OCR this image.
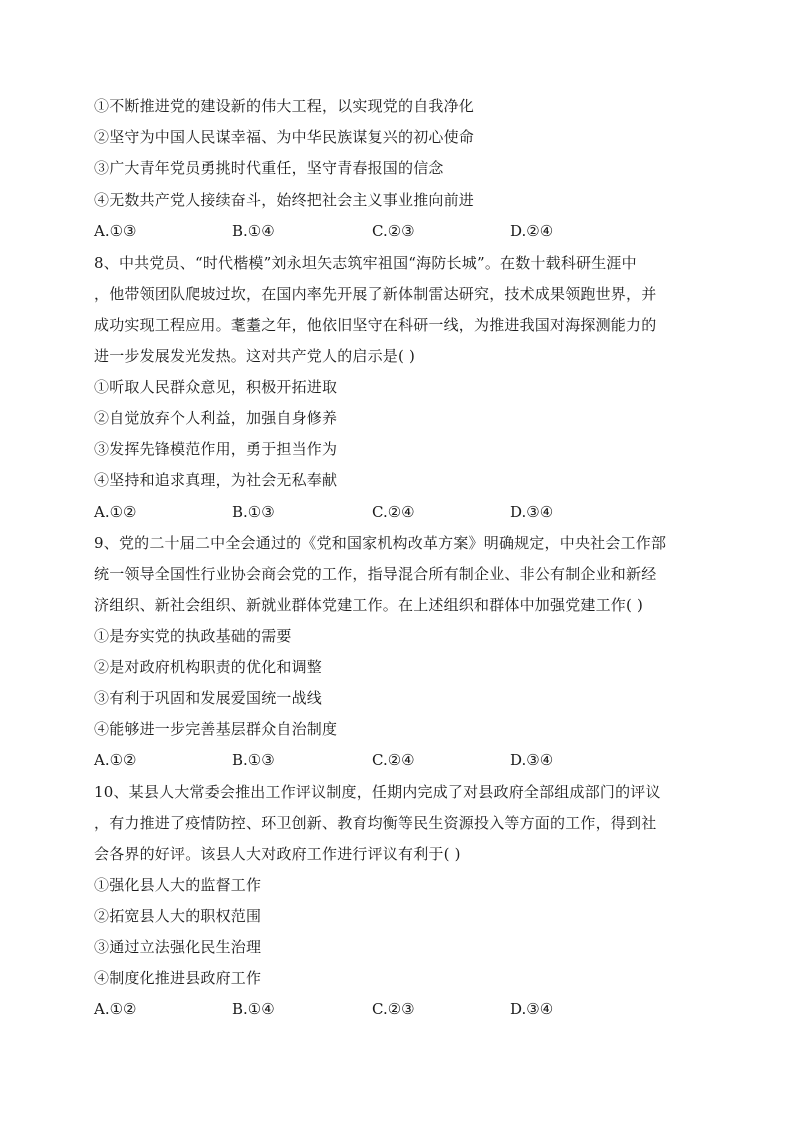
①不断推进党的建设新的伟大工程，以实现党的自我净化
②坚守为中国人民谋幸福、为中华民族谋复兴的初心使命
③广大青年党员勇挑时代重任，坚守青春报国的信念
④无数共产党人接续奋斗，始终把社会主义事业推向前进
A.①③	B.①④	C.②③	D.②④
8、中共党员、“时代楷模”刘永坦矢志筑牢祖国“海防长城”。在数十载科研生涯中
，他带领团队爬坡过坎，在国内率先开展了新体制雷达研究，技术成果领跑世界，并
成功实现工程应用。耄耋之年，他依旧坚守在科研一线，为推进我国对海探测能力的
进一步发展发光发热。这对共产党人的启示是( )
①听取人民群众意见，积极开拓进取
②自觉放弃个人利益，加强自身修养
③发挥先锋模范作用，勇于担当作为
④坚持和追求真理，为社会无私奉献
A.①②	B.①③	C.②④	D.③④
9、党的二十届二中全会通过的《党和国家机构改革方案》明确规定，中央社会工作部
统一领导全国性行业协会商会党的工作，指导混合所有制企业、非公有制企业和新经
济组织、新社会组织、新就业群体党建工作。在上述组织和群体中加强党建工作( )
①是夯实党的执政基础的需要
②是对政府机构职责的优化和调整
③有利于巩固和发展爱国统一战线
④能够进一步完善基层群众自治制度
A.①②	B.①③	C.②④	D.③④
10、某县人大常委会推出工作评议制度，任期内完成了对县政府全部组成部门的评议
，有力推进了疫情防控、环卫创新、教育均衡等民生资源投入等方面的工作，得到社
会各界的好评。该县人大对政府工作进行评议有利于( )
①强化县人大的监督工作
②拓宽县人大的职权范围
③通过立法强化民生治理
④制度化推进县政府工作
A.①②	B.①④	C.②③	D.③④
